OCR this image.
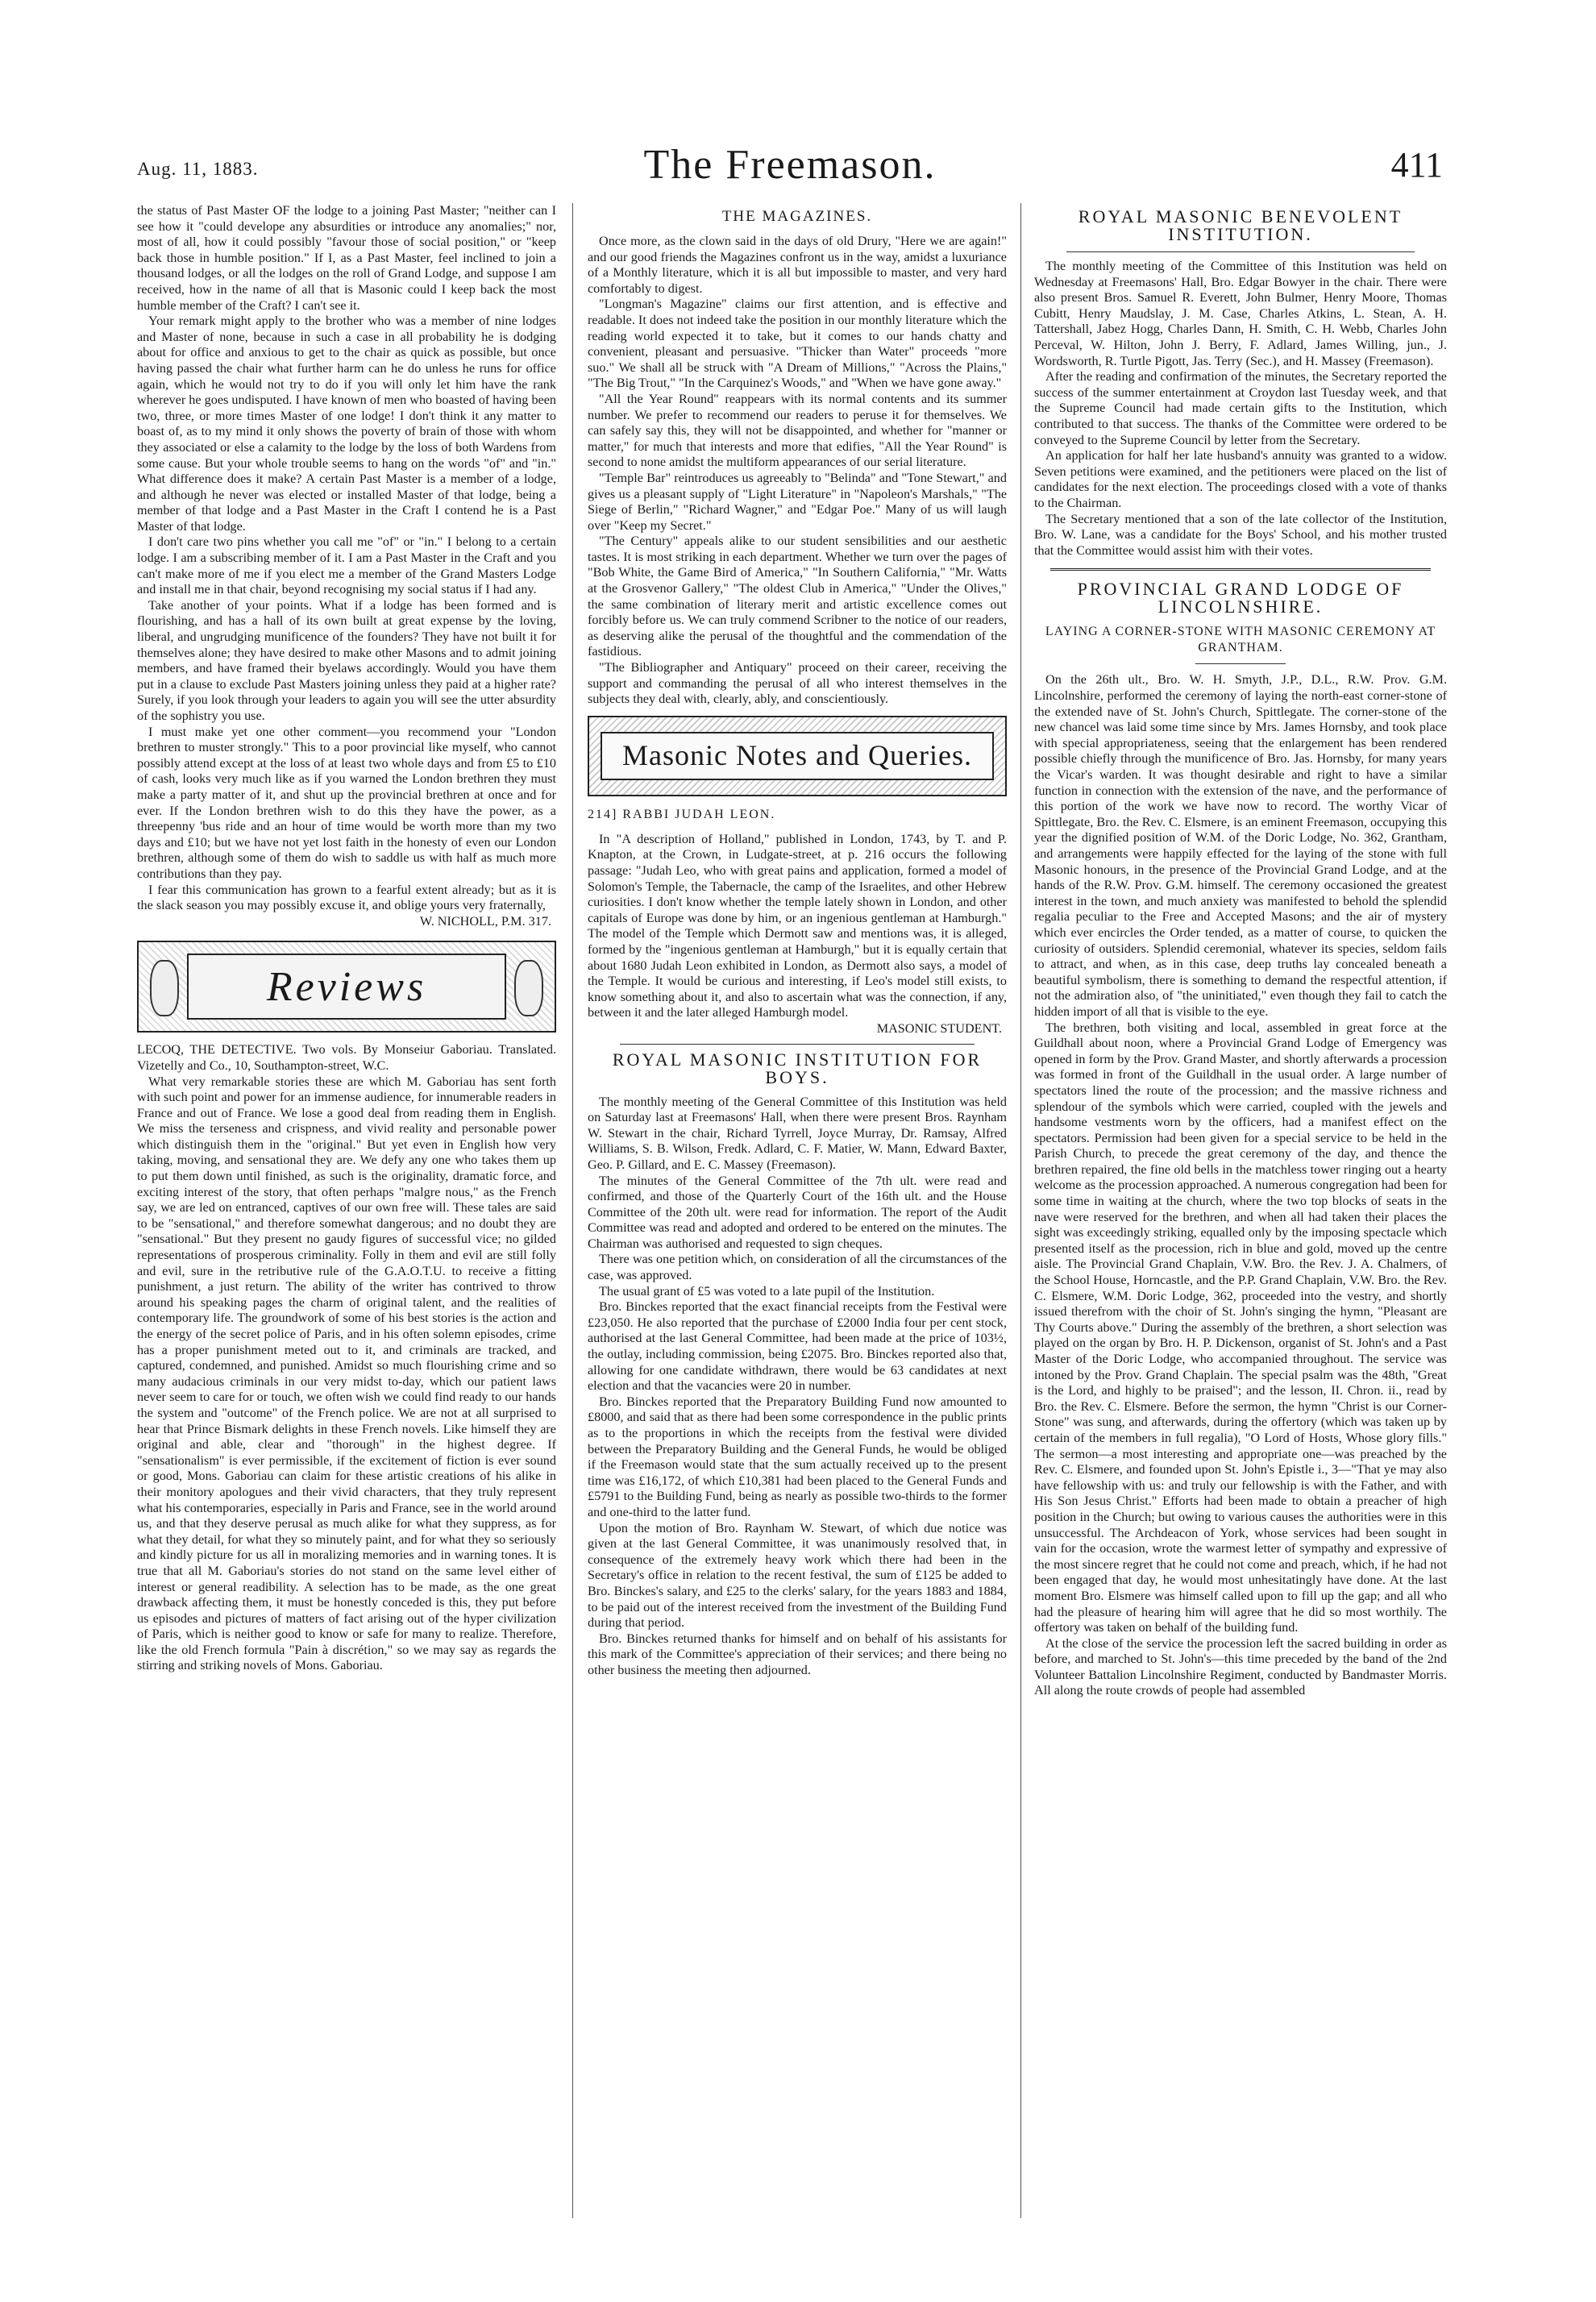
Aug. 11, 1883.	The Freemason.	411

the status of Past Master OF the lodge to a joining Past Master; "neither can I see how it "could develope any absurdities or introduce any anomalies;" nor, most of all, how it could possibly "favour those of social position," or "keep back those in humble position." If I, as a Past Master, feel inclined to join a thousand lodges, or all the lodges on the roll of Grand Lodge, and suppose I am received, how in the name of all that is Masonic could I keep back the most humble member of the Craft? I can't see it.

Your remark might apply to the brother who was a member of nine lodges and Master of none, because in such a case in all probability he is dodging about for office and anxious to get to the chair as quick as possible, but once having passed the chair what further harm can he do unless he runs for office again, which he would not try to do if you will only let him have the rank wherever he goes undisputed. I have known of men who boasted of having been two, three, or more times Master of one lodge! I don't think it any matter to boast of, as to my mind it only shows the poverty of brain of those with whom they associated or else a calamity to the lodge by the loss of both Wardens from some cause. But your whole trouble seems to hang on the words "of" and "in." What difference does it make? A certain Past Master is a member of a lodge, and although he never was elected or installed Master of that lodge, being a member of that lodge and a Past Master in the Craft I contend he is a Past Master of that lodge.

I don't care two pins whether you call me "of" or "in." I belong to a certain lodge. I am a subscribing member of it. I am a Past Master in the Craft and you can't make more of me if you elect me a member of the Grand Masters Lodge and install me in that chair, beyond recognising my social status if I had any.

Take another of your points. What if a lodge has been formed and is flourishing, and has a hall of its own built at great expense by the loving, liberal, and ungrudging munificence of the founders? They have not built it for themselves alone; they have desired to make other Masons and to admit joining members, and have framed their byelaws accordingly. Would you have them put in a clause to exclude Past Masters joining unless they paid at a higher rate? Surely, if you look through your leaders to again you will see the utter absurdity of the sophistry you use.

I must make yet one other comment—you recommend your "London brethren to muster strongly." This to a poor provincial like myself, who cannot possibly attend except at the loss of at least two whole days and from £5 to £10 of cash, looks very much like as if you warned the London brethren they must make a party matter of it, and shut up the provincial brethren at once and for ever. If the London brethren wish to do this they have the power, as a threepenny 'bus ride and an hour of time would be worth more than my two days and £10; but we have not yet lost faith in the honesty of even our London brethren, although some of them do wish to saddle us with half as much more contributions than they pay.

I fear this communication has grown to a fearful extent already; but as it is the slack season you may possibly excuse it, and oblige yours very fraternally,

W. NICHOLL, P.M. 317.
Reviews

LECOQ, THE DETECTIVE. Two vols. By Monseiur Gaboriau. Translated. Vizetelly and Co., 10, Southampton-street, W.C.

What very remarkable stories these are which M. Gaboriau has sent forth with such point and power for an immense audience, for innumerable readers in France and out of France. We lose a good deal from reading them in English. We miss the terseness and crispness, and vivid reality and personable power which distinguish them in the "original." But yet even in English how very taking, moving, and sensational they are. We defy any one who takes them up to put them down until finished, as such is the originality, dramatic force, and exciting interest of the story, that often perhaps "malgre nous," as the French say, we are led on entranced, captives of our own free will. These tales are said to be "sensational," and therefore somewhat dangerous; and no doubt they are "sensational." But they present no gaudy figures of successful vice; no gilded representations of prosperous criminality. Folly in them and evil are still folly and evil, sure in the retributive rule of the G.A.O.T.U. to receive a fitting punishment, a just return. The ability of the writer has contrived to throw around his speaking pages the charm of original talent, and the realities of contemporary life. The groundwork of some of his best stories is the action and the energy of the secret police of Paris, and in his often solemn episodes, crime has a proper punishment meted out to it, and criminals are tracked, and captured, condemned, and punished. Amidst so much flourishing crime and so many audacious criminals in our very midst to-day, which our patient laws never seem to care for or touch, we often wish we could find ready to our hands the system and "outcome" of the French police. We are not at all surprised to hear that Prince Bismark delights in these French novels. Like himself they are original and able, clear and "thorough" in the highest degree. If "sensationalism" is ever permissible, if the excitement of fiction is ever sound or good, Mons. Gaboriau can claim for these artistic creations of his alike in their monitory apologues and their vivid characters, that they truly represent what his contemporaries, especially in Paris and France, see in the world around us, and that they deserve perusal as much alike for what they suppress, as for what they detail, for what they so minutely paint, and for what they so seriously and kindly picture for us all in moralizing memories and in warning tones. It is true that all M. Gaboriau's stories do not stand on the same level either of interest or general readibility. A selection has to be made, as the one great drawback affecting them, it must be honestly conceded is this, they put before us episodes and pictures of matters of fact arising out of the hyper civilization of Paris, which is neither good to know or safe for many to realize. Therefore, like the old French formula "Pain à discrétion," so we may say as regards the stirring and striking novels of Mons. Gaboriau.

THE MAGAZINES.

Once more, as the clown said in the days of old Drury, "Here we are again!" and our good friends the Magazines confront us in the way, amidst a luxuriance of a Monthly literature, which it is all but impossible to master, and very hard comfortably to digest.

"Longman's Magazine" claims our first attention, and is effective and readable. It does not indeed take the position in our monthly literature which the reading world expected it to take, but it comes to our hands chatty and convenient, pleasant and persuasive. "Thicker than Water" proceeds "more suo." We shall all be struck with "A Dream of Millions," "Across the Plains," "The Big Trout," "In the Carquinez's Woods," and "When we have gone away."

"All the Year Round" reappears with its normal contents and its summer number. We prefer to recommend our readers to peruse it for themselves. We can safely say this, they will not be disappointed, and whether for "manner or matter," for much that interests and more that edifies, "All the Year Round" is second to none amidst the multiform appearances of our serial literature.

"Temple Bar" reintroduces us agreeably to "Belinda" and "Tone Stewart," and gives us a pleasant supply of "Light Literature" in "Napoleon's Marshals," "The Siege of Berlin," "Richard Wagner," and "Edgar Poe." Many of us will laugh over "Keep my Secret."

"The Century" appeals alike to our student sensibilities and our aesthetic tastes. It is most striking in each department. Whether we turn over the pages of "Bob White, the Game Bird of America," "In Southern California," "Mr. Watts at the Grosvenor Gallery," "The oldest Club in America," "Under the Olives," the same combination of literary merit and artistic excellence comes out forcibly before us. We can truly commend Scribner to the notice of our readers, as deserving alike the perusal of the thoughtful and the commendation of the fastidious.

"The Bibliographer and Antiquary" proceed on their career, receiving the support and commanding the perusal of all who interest themselves in the subjects they deal with, clearly, ably, and conscientiously.

Masonic Notes and Queries.
214] RABBI JUDAH LEON.

In "A description of Holland," published in London, 1743, by T. and P. Knapton, at the Crown, in Ludgate-street, at p. 216 occurs the following passage: "Judah Leo, who with great pains and application, formed a model of Solomon's Temple, the Tabernacle, the camp of the Israelites, and other Hebrew curiosities. I don't know whether the temple lately shown in London, and other capitals of Europe was done by him, or an ingenious gentleman at Hamburgh." The model of the Temple which Dermott saw and mentions was, it is alleged, formed by the "ingenious gentleman at Hamburgh," but it is equally certain that about 1680 Judah Leon exhibited in London, as Dermott also says, a model of the Temple. It would be curious and interesting, if Leo's model still exists, to know something about it, and also to ascertain what was the connection, if any, between it and the later alleged Hamburgh model.

MASONIC STUDENT.
ROYAL MASONIC INSTITUTION FOR BOYS.

The monthly meeting of the General Committee of this Institution was held on Saturday last at Freemasons' Hall, when there were present Bros. Raynham W. Stewart in the chair, Richard Tyrrell, Joyce Murray, Dr. Ramsay, Alfred Williams, S. B. Wilson, Fredk. Adlard, C. F. Matier, W. Mann, Edward Baxter, Geo. P. Gillard, and E. C. Massey (Freemason).

The minutes of the General Committee of the 7th ult. were read and confirmed, and those of the Quarterly Court of the 16th ult. and the House Committee of the 20th ult. were read for information. The report of the Audit Committee was read and adopted and ordered to be entered on the minutes. The Chairman was authorised and requested to sign cheques.

There was one petition which, on consideration of all the circumstances of the case, was approved.

The usual grant of £5 was voted to a late pupil of the Institution.

Bro. Binckes reported that the exact financial receipts from the Festival were £23,050. He also reported that the purchase of £2000 India four per cent stock, authorised at the last General Committee, had been made at the price of 103½, the outlay, including commission, being £2075. Bro. Binckes reported also that, allowing for one candidate withdrawn, there would be 63 candidates at next election and that the vacancies were 20 in number.

Bro. Binckes reported that the Preparatory Building Fund now amounted to £8000, and said that as there had been some correspondence in the public prints as to the proportions in which the receipts from the festival were divided between the Preparatory Building and the General Funds, he would be obliged if the Freemason would state that the sum actually received up to the present time was £16,172, of which £10,381 had been placed to the General Funds and £5791 to the Building Fund, being as nearly as possible two-thirds to the former and one-third to the latter fund.

Upon the motion of Bro. Raynham W. Stewart, of which due notice was given at the last General Committee, it was unanimously resolved that, in consequence of the extremely heavy work which there had been in the Secretary's office in relation to the recent festival, the sum of £125 be added to Bro. Binckes's salary, and £25 to the clerks' salary, for the years 1883 and 1884, to be paid out of the interest received from the investment of the Building Fund during that period.

Bro. Binckes returned thanks for himself and on behalf of his assistants for this mark of the Committee's appreciation of their services; and there being no other business the meeting then adjourned.

ROYAL MASONIC BENEVOLENT INSTITUTION.

The monthly meeting of the Committee of this Institution was held on Wednesday at Freemasons' Hall, Bro. Edgar Bowyer in the chair. There were also present Bros. Samuel R. Everett, John Bulmer, Henry Moore, Thomas Cubitt, Henry Maudslay, J. M. Case, Charles Atkins, L. Stean, A. H. Tattershall, Jabez Hogg, Charles Dann, H. Smith, C. H. Webb, Charles John Perceval, W. Hilton, John J. Berry, F. Adlard, James Willing, jun., J. Wordsworth, R. Turtle Pigott, Jas. Terry (Sec.), and H. Massey (Freemason).

After the reading and confirmation of the minutes, the Secretary reported the success of the summer entertainment at Croydon last Tuesday week, and that the Supreme Council had made certain gifts to the Institution, which contributed to that success. The thanks of the Committee were ordered to be conveyed to the Supreme Council by letter from the Secretary.

An application for half her late husband's annuity was granted to a widow. Seven petitions were examined, and the petitioners were placed on the list of candidates for the next election. The proceedings closed with a vote of thanks to the Chairman.

The Secretary mentioned that a son of the late collector of the Institution, Bro. W. Lane, was a candidate for the Boys' School, and his mother trusted that the Committee would assist him with their votes.

PROVINCIAL GRAND LODGE OF LINCOLNSHIRE.
LAYING A CORNER-STONE WITH MASONIC CEREMONY AT GRANTHAM.

On the 26th ult., Bro. W. H. Smyth, J.P., D.L., R.W. Prov. G.M. Lincolnshire, performed the ceremony of laying the north-east corner-stone of the extended nave of St. John's Church, Spittlegate. The corner-stone of the new chancel was laid some time since by Mrs. James Hornsby, and took place with special appropriateness, seeing that the enlargement has been rendered possible chiefly through the munificence of Bro. Jas. Hornsby, for many years the Vicar's warden. It was thought desirable and right to have a similar function in connection with the extension of the nave, and the performance of this portion of the work we have now to record. The worthy Vicar of Spittlegate, Bro. the Rev. C. Elsmere, is an eminent Freemason, occupying this year the dignified position of W.M. of the Doric Lodge, No. 362, Grantham, and arrangements were happily effected for the laying of the stone with full Masonic honours, in the presence of the Provincial Grand Lodge, and at the hands of the R.W. Prov. G.M. himself. The ceremony occasioned the greatest interest in the town, and much anxiety was manifested to behold the splendid regalia peculiar to the Free and Accepted Masons; and the air of mystery which ever encircles the Order tended, as a matter of course, to quicken the curiosity of outsiders. Splendid ceremonial, whatever its species, seldom fails to attract, and when, as in this case, deep truths lay concealed beneath a beautiful symbolism, there is something to demand the respectful attention, if not the admiration also, of "the uninitiated," even though they fail to catch the hidden import of all that is visible to the eye.

The brethren, both visiting and local, assembled in great force at the Guildhall about noon, where a Provincial Grand Lodge of Emergency was opened in form by the Prov. Grand Master, and shortly afterwards a procession was formed in front of the Guildhall in the usual order. A large number of spectators lined the route of the procession; and the massive richness and splendour of the symbols which were carried, coupled with the jewels and handsome vestments worn by the officers, had a manifest effect on the spectators. Permission had been given for a special service to be held in the Parish Church, to precede the great ceremony of the day, and thence the brethren repaired, the fine old bells in the matchless tower ringing out a hearty welcome as the procession approached. A numerous congregation had been for some time in waiting at the church, where the two top blocks of seats in the nave were reserved for the brethren, and when all had taken their places the sight was exceedingly striking, equalled only by the imposing spectacle which presented itself as the procession, rich in blue and gold, moved up the centre aisle. The Provincial Grand Chaplain, V.W. Bro. the Rev. J. A. Chalmers, of the School House, Horncastle, and the P.P. Grand Chaplain, V.W. Bro. the Rev. C. Elsmere, W.M. Doric Lodge, 362, proceeded into the vestry, and shortly issued therefrom with the choir of St. John's singing the hymn, "Pleasant are Thy Courts above." During the assembly of the brethren, a short selection was played on the organ by Bro. H. P. Dickenson, organist of St. John's and a Past Master of the Doric Lodge, who accompanied throughout. The service was intoned by the Prov. Grand Chaplain. The special psalm was the 48th, "Great is the Lord, and highly to be praised"; and the lesson, II. Chron. ii., read by Bro. the Rev. C. Elsmere. Before the sermon, the hymn "Christ is our Corner-Stone" was sung, and afterwards, during the offertory (which was taken up by certain of the members in full regalia), "O Lord of Hosts, Whose glory fills." The sermon—a most interesting and appropriate one—was preached by the Rev. C. Elsmere, and founded upon St. John's Epistle i., 3—"That ye may also have fellowship with us: and truly our fellowship is with the Father, and with His Son Jesus Christ." Efforts had been made to obtain a preacher of high position in the Church; but owing to various causes the authorities were in this unsuccessful. The Archdeacon of York, whose services had been sought in vain for the occasion, wrote the warmest letter of sympathy and expressive of the most sincere regret that he could not come and preach, which, if he had not been engaged that day, he would most unhesitatingly have done. At the last moment Bro. Elsmere was himself called upon to fill up the gap; and all who had the pleasure of hearing him will agree that he did so most worthily. The offertory was taken on behalf of the building fund.

At the close of the service the procession left the sacred building in order as before, and marched to St. John's—this time preceded by the band of the 2nd Volunteer Battalion Lincolnshire Regiment, conducted by Bandmaster Morris. All along the route crowds of people had assembled
